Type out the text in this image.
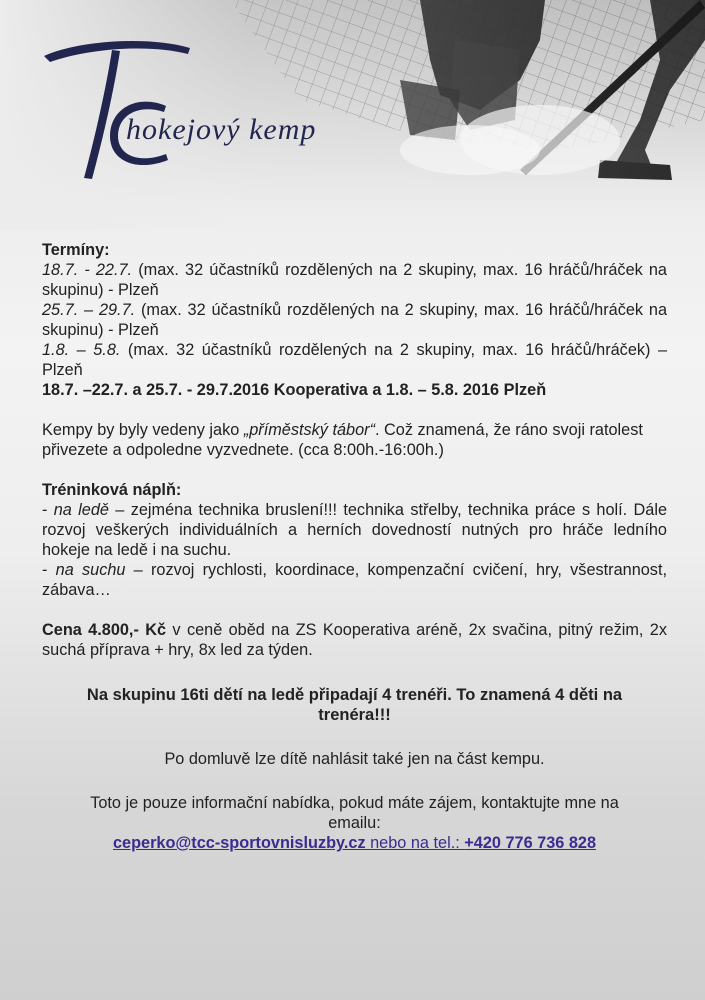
hokejový kemp

Termíny:

18.7. - 22.7. (max. 32 účastníků rozdělených na 2 skupiny, max. 16 hráčů/hráček na skupinu) - Plzeň

25.7. – 29.7. (max. 32 účastníků rozdělených na 2 skupiny, max. 16 hráčů/hráček na skupinu) - Plzeň

1.8. – 5.8. (max. 32 účastníků rozdělených na 2 skupiny, max. 16 hráčů/hráček) – Plzeň

18.7. –22.7. a 25.7. - 29.7.2016 Kooperativa a 1.8. – 5.8. 2016 Plzeň

Kempy by byly vedeny jako „příměstský tábor“. Což znamená, že ráno svoji ratolest přivezete a odpoledne vyzvednete. (cca 8:00h.-16:00h.)

Tréninková náplň:

- na ledě – zejména technika bruslení!!! technika střelby, technika práce s holí. Dále rozvoj veškerých individuálních a herních dovedností nutných pro hráče ledního hokeje na ledě i na suchu.

- na suchu – rozvoj rychlosti, koordinace, kompenzační cvičení, hry, všestrannost, zábava…

Cena 4.800,- Kč v ceně oběd na ZS Kooperativa aréně, 2x svačina, pitný režim, 2x suchá příprava + hry, 8x led za týden.

Na skupinu 16ti dětí na ledě připadají 4 trenéři. To znamená 4 děti na trenéra!!!

Po domluvě lze dítě nahlásit také jen na část kempu.

Toto je pouze informační nabídka, pokud máte zájem, kontaktujte mne na emailu:

ceperko@tcc-sportovnisluzby.cz nebo na tel.: +420 776 736 828
